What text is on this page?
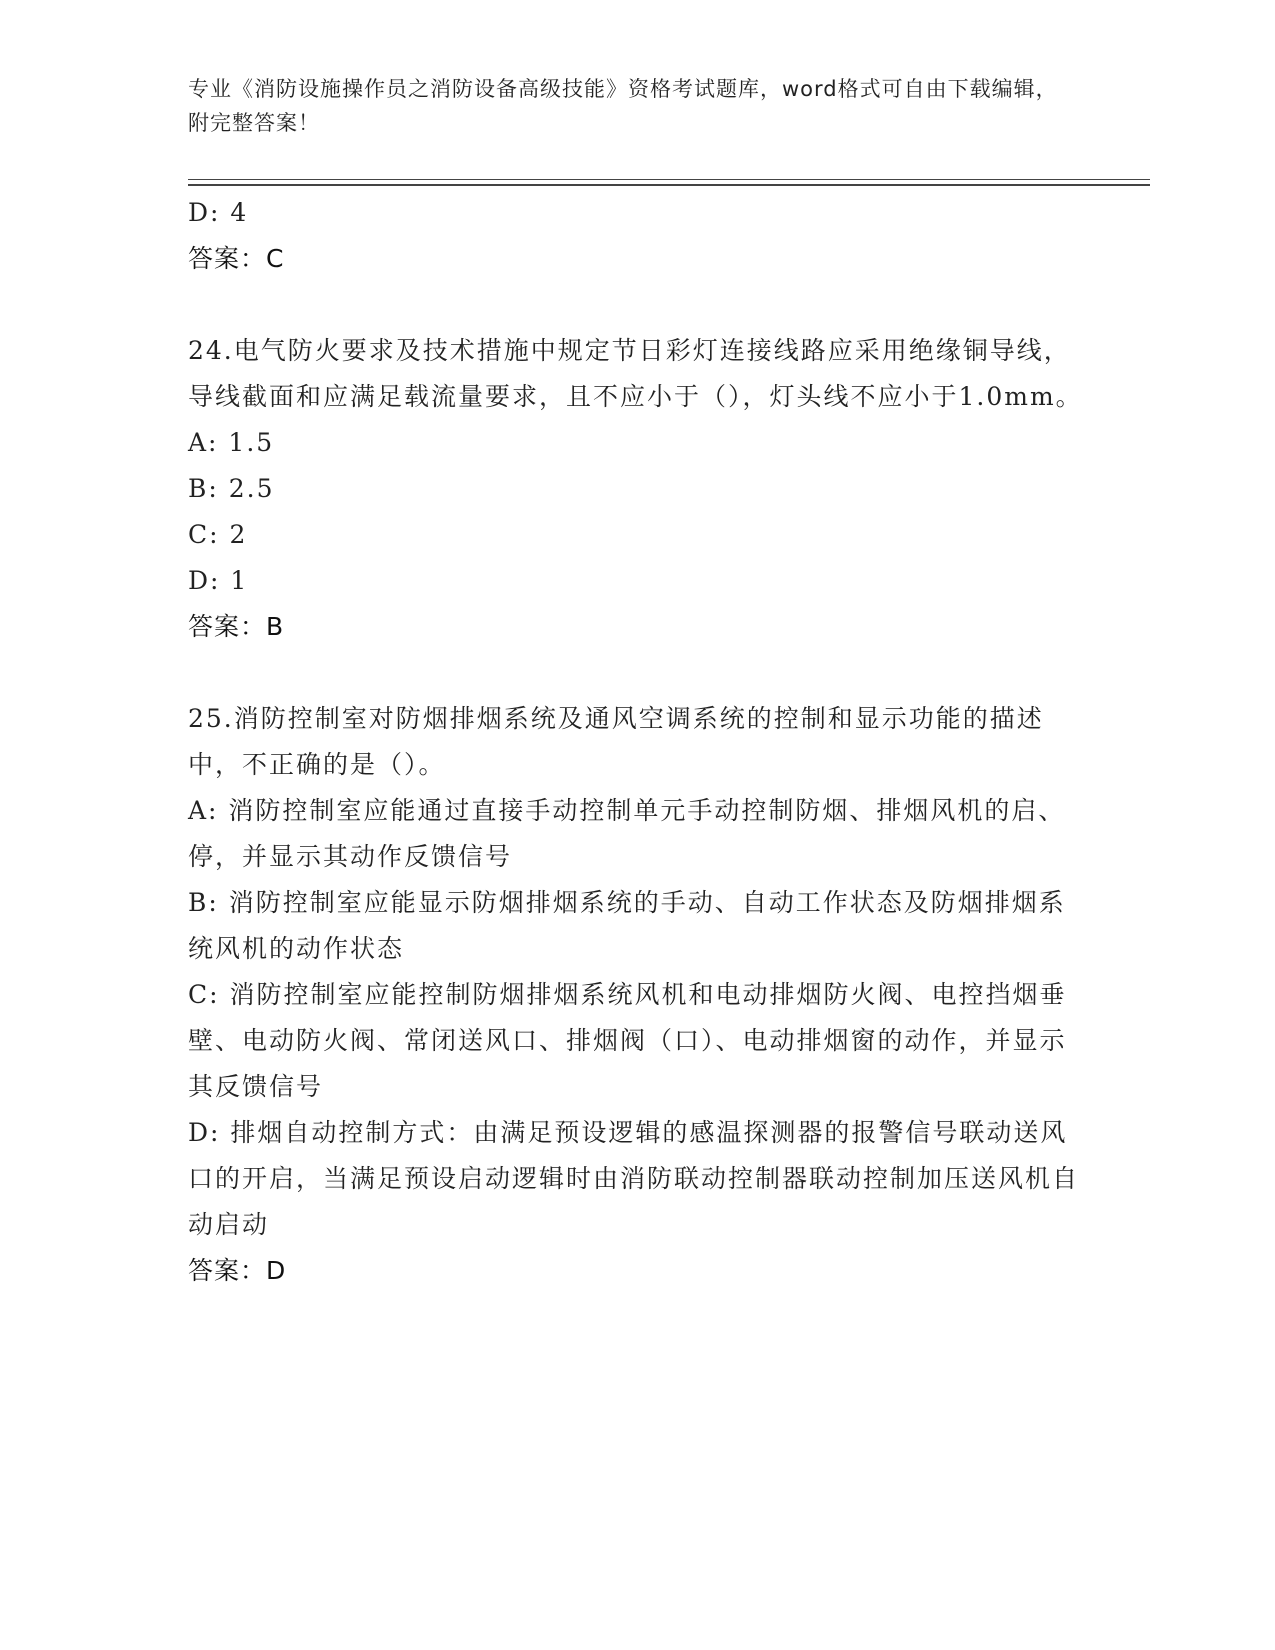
专业《消防设施操作员之消防设备高级技能》资格考试题库，word格式可自由下载编辑，附完整答案！
D: 4
答案：C
24.电气防火要求及技术措施中规定节日彩灯连接线路应采用绝缘铜导线，导线截面和应满足载流量要求，且不应小于（），灯头线不应小于1.0mm。
A: 1.5
B: 2.5
C: 2
D: 1
答案：B
25.消防控制室对防烟排烟系统及通风空调系统的控制和显示功能的描述中，不正确的是（）。
A: 消防控制室应能通过直接手动控制单元手动控制防烟、排烟风机的启、停，并显示其动作反馈信号
B: 消防控制室应能显示防烟排烟系统的手动、自动工作状态及防烟排烟系统风机的动作状态
C: 消防控制室应能控制防烟排烟系统风机和电动排烟防火阀、电控挡烟垂壁、电动防火阀、常闭送风口、排烟阀（口）、电动排烟窗的动作，并显示其反馈信号
D: 排烟自动控制方式：由满足预设逻辑的感温探测器的报警信号联动送风口的开启，当满足预设启动逻辑时由消防联动控制器联动控制加压送风机自动启动
答案：D
